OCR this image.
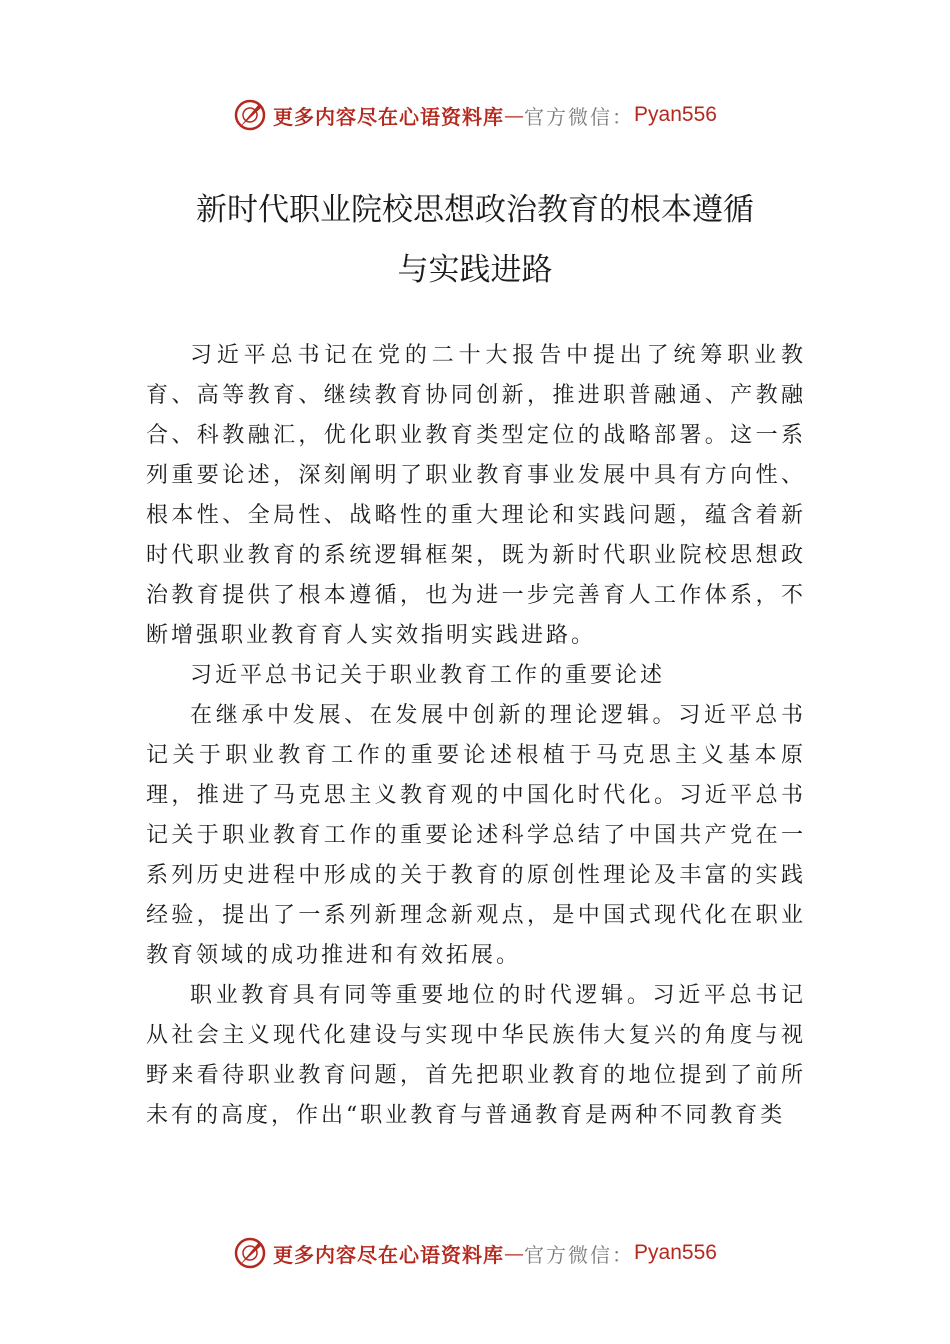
更多内容尽在心语资料库 — 官方微信： Pyan556
新时代职业院校思想政治教育的根本遵循
与实践进路

习近平总书记在党的二十大报告中提出了统筹职业教育、高等教育、继续教育协同创新，推进职普融通、产教融合、科教融汇，优化职业教育类型定位的战略部署。这一系列重要论述，深刻阐明了职业教育事业发展中具有方向性、 根本性、全局性、战略性的重大理论和实践问题，蕴含着新时代职业教育的系统逻辑框架，既为新时代职业院校思想政治教育提供了根本遵循，也为进一步完善育人工作体系，不断增强职业教育育人实效指明实践进路。

习近平总书记关于职业教育工作的重要论述

在继承中发展、在发展中创新的理论逻辑。习近平总书记关于职业教育工作的重要论述根植于马克思主义基本原理，推进了马克思主义教育观的中国化时代化。习近平总书记关于职业教育工作的重要论述科学总结了中国共产党在一系列历史进程中形成的关于教育的原创性理论及丰富的实践经验，提出了一系列新理念新观点，是中国式现代化在职业教育领域的成功推进和有效拓展。

职业教育具有同等重要地位的时代逻辑。习近平总书记从社会主义现代化建设与实现中华民族伟大复兴的角度与视野来看待职业教育问题，首先把职业教育的地位提到了前所未有的高度，作出“职业教育与普通教育是两种不同教育类

更多内容尽在心语资料库 — 官方微信： Pyan556
